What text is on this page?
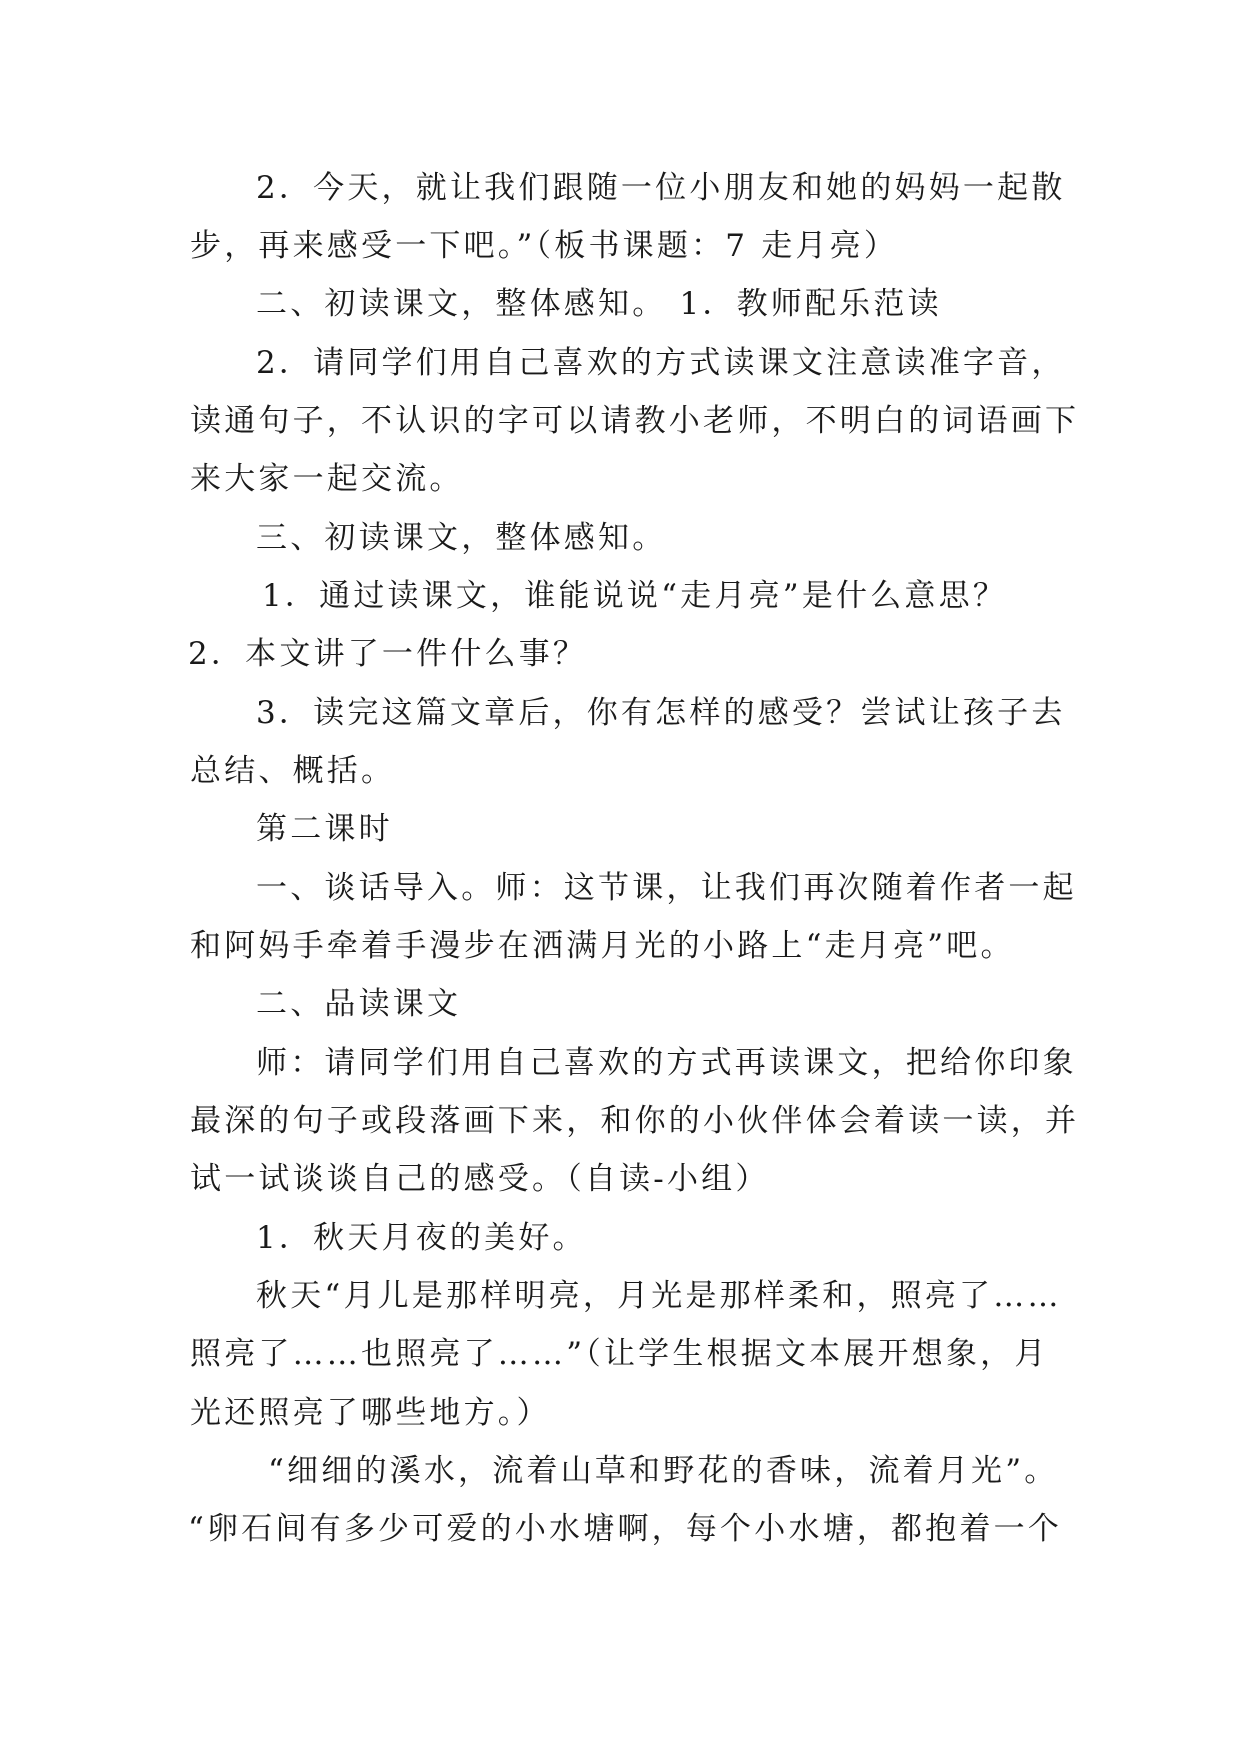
2．今天，就让我们跟随一位小朋友和她的妈妈一起散
步，再来感受一下吧。”（板书课题：7 走月亮）
二、初读课文，整体感知。 1．教师配乐范读
2．请同学们用自己喜欢的方式读课文注意读准字音，
读通句子，不认识的字可以请教小老师，不明白的词语画下
来大家一起交流。
三、初读课文，整体感知。
1．通过读课文，谁能说说“走月亮”是什么意思？
2．本文讲了一件什么事？
3．读完这篇文章后，你有怎样的感受？尝试让孩子去
总结、概括。
第二课时
一、谈话导入。师：这节课，让我们再次随着作者一起
和阿妈手牵着手漫步在洒满月光的小路上“走月亮”吧。
二、品读课文
师：请同学们用自己喜欢的方式再读课文，把给你印象
最深的句子或段落画下来，和你的小伙伴体会着读一读，并
试一试谈谈自己的感受。（自读-小组）
1．秋天月夜的美好。
秋天“月儿是那样明亮，月光是那样柔和，照亮了……
照亮了……也照亮了……”（让学生根据文本展开想象，月
光还照亮了哪些地方。）
“细细的溪水，流着山草和野花的香味，流着月光”。
“卵石间有多少可爱的小水塘啊，每个小水塘，都抱着一个
